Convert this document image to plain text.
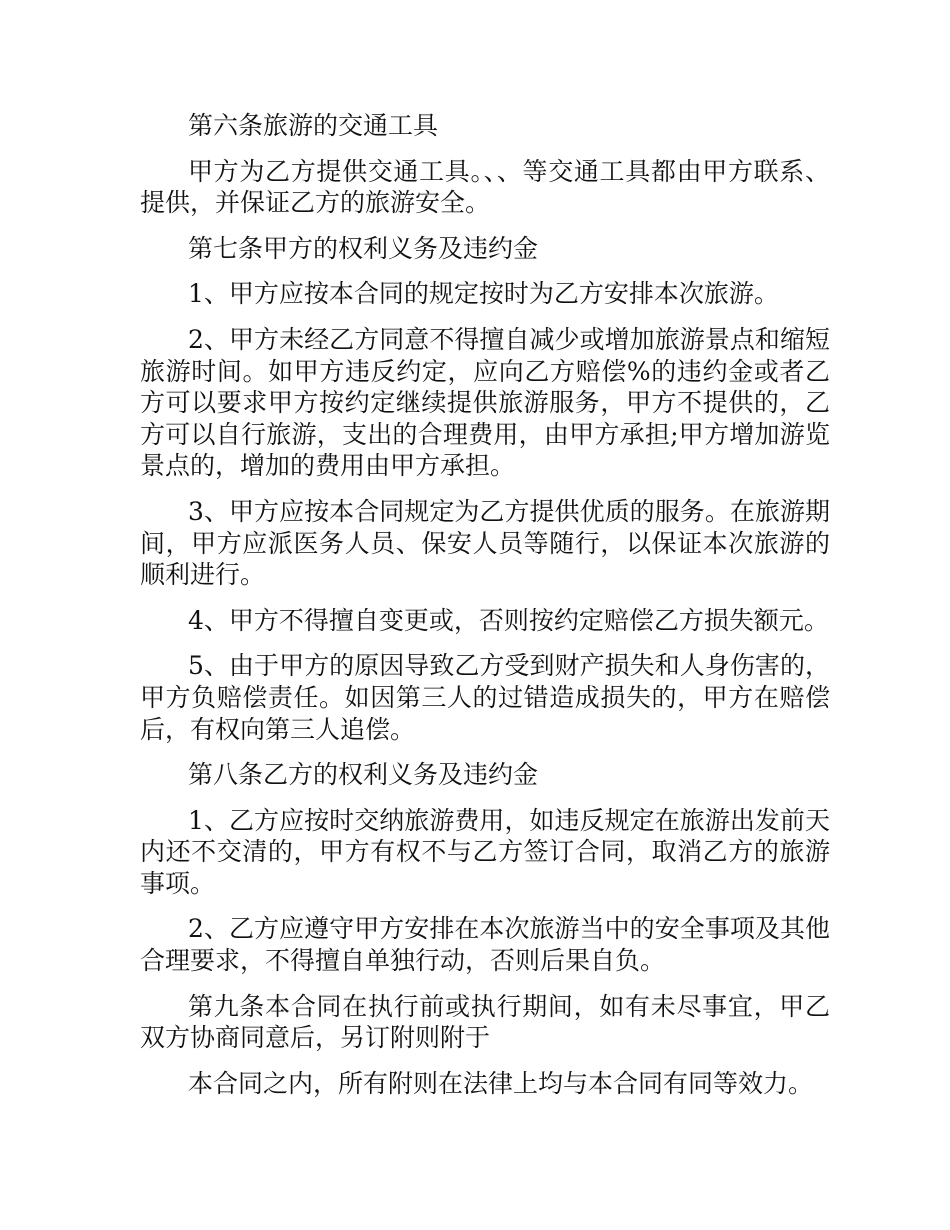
第六条旅游的交通工具

甲方为乙方提供交通工具。、、等交通工具都由甲方联系、提供，并保证乙方的旅游安全。

第七条甲方的权利义务及违约金

1、甲方应按本合同的规定按时为乙方安排本次旅游。

2、甲方未经乙方同意不得擅自减少或增加旅游景点和缩短旅游时间。如甲方违反约定，应向乙方赔偿%的违约金或者乙方可以要求甲方按约定继续提供旅游服务，甲方不提供的，乙方可以自行旅游，支出的合理费用，由甲方承担;甲方增加游览景点的，增加的费用由甲方承担。

3、甲方应按本合同规定为乙方提供优质的服务。在旅游期间，甲方应派医务人员、保安人员等随行，以保证本次旅游的顺利进行。

4、甲方不得擅自变更或，否则按约定赔偿乙方损失额元。

5、由于甲方的原因导致乙方受到财产损失和人身伤害的，甲方负赔偿责任。如因第三人的过错造成损失的，甲方在赔偿后，有权向第三人追偿。

第八条乙方的权利义务及违约金

1、乙方应按时交纳旅游费用，如违反规定在旅游出发前天内还不交清的，甲方有权不与乙方签订合同，取消乙方的旅游事项。

2、乙方应遵守甲方安排在本次旅游当中的安全事项及其他合理要求，不得擅自单独行动，否则后果自负。

第九条本合同在执行前或执行期间，如有未尽事宜，甲乙双方协商同意后，另订附则附于

本合同之内，所有附则在法律上均与本合同有同等效力。
